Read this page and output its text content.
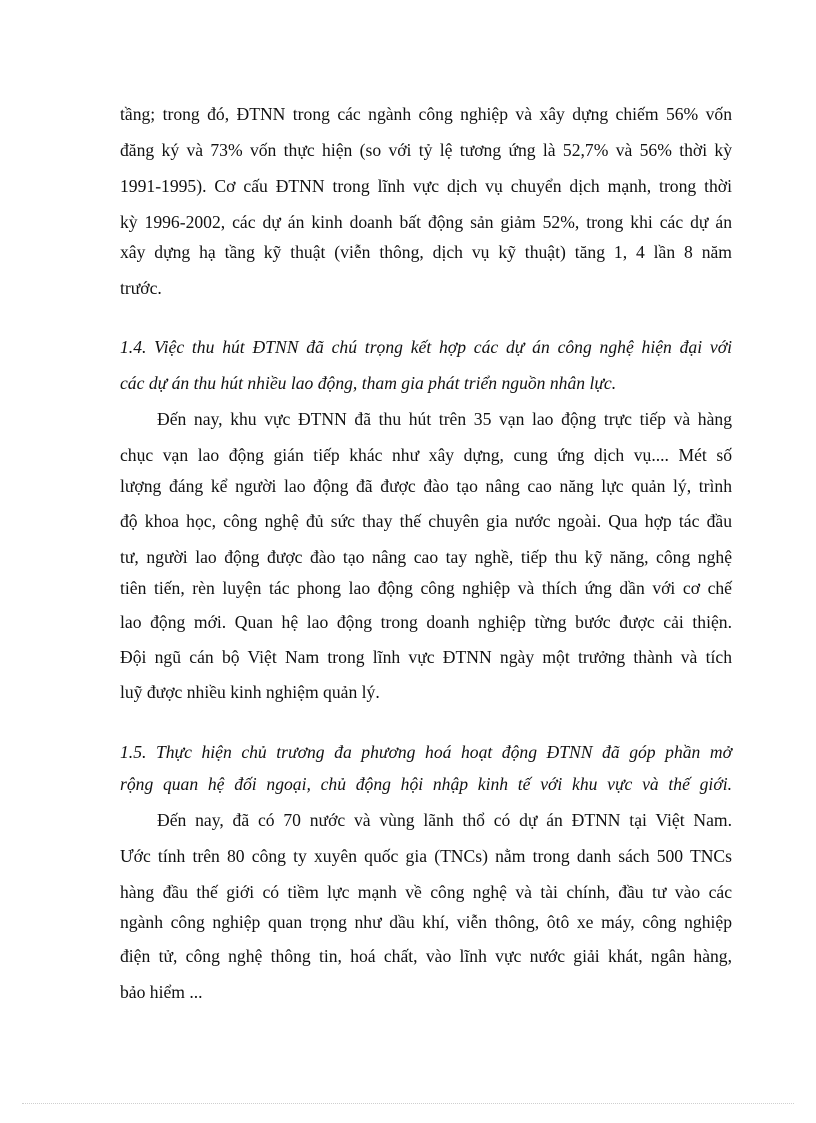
tầng; trong đó, ĐTNN trong các ngành công nghiệp và xây dựng chiếm 56% vốn
đăng ký và 73% vốn thực hiện (so với tỷ lệ tương ứng là 52,7% và 56% thời kỳ
1991-1995). Cơ cấu ĐTNN trong lĩnh vực dịch vụ chuyển dịch mạnh, trong thời
kỳ 1996-2002, các dự án kinh doanh bất động sản giảm 52%, trong khi các dự án
xây dựng hạ tầng kỹ thuật (viễn thông, dịch vụ kỹ thuật) tăng 1, 4 lần 8 năm
trước.
1.4. Việc thu hút ĐTNN đã chú trọng kết hợp các dự án công nghệ hiện đại với
các dự án thu hút nhiều lao động, tham gia phát triển nguồn nhân lực.
Đến nay, khu vực ĐTNN đã thu hút trên 35 vạn lao động trực tiếp và hàng
chục vạn lao động gián tiếp khác như xây dựng, cung ứng dịch vụ.... Mét số
lượng đáng kể người lao động đã được đào tạo nâng cao năng lực quản lý, trình
độ khoa học, công nghệ đủ sức thay thế chuyên gia nước ngoài. Qua hợp tác đầu
tư, người lao động được đào tạo nâng cao tay nghề, tiếp thu kỹ năng, công nghệ
tiên tiến, rèn luyện tác phong lao động công nghiệp và thích ứng dần với cơ chế
lao động mới. Quan hệ lao động trong doanh nghiệp từng bước được cải thiện.
Đội ngũ cán bộ Việt Nam trong lĩnh vực ĐTNN ngày một trưởng thành và tích
luỹ được nhiều kinh nghiệm quản lý.
1.5. Thực hiện chủ trương đa phương hoá hoạt động ĐTNN đã góp phần mở
rộng quan hệ đối ngoại, chủ động hội nhập kinh tế với khu vực và thế giới.
Đến nay, đã có 70 nước và vùng lãnh thổ có dự án ĐTNN tại Việt Nam.
Ước tính trên 80 công ty xuyên quốc gia (TNCs) nằm trong danh sách 500 TNCs
hàng đầu thế giới có tiềm lực mạnh về công nghệ và tài chính, đầu tư vào các
ngành công nghiệp quan trọng như dầu khí, viễn thông, ôtô xe máy, công nghiệp
điện tử, công nghệ thông tin, hoá chất, vào lĩnh vực nước giải khát, ngân hàng,
bảo hiểm ...
